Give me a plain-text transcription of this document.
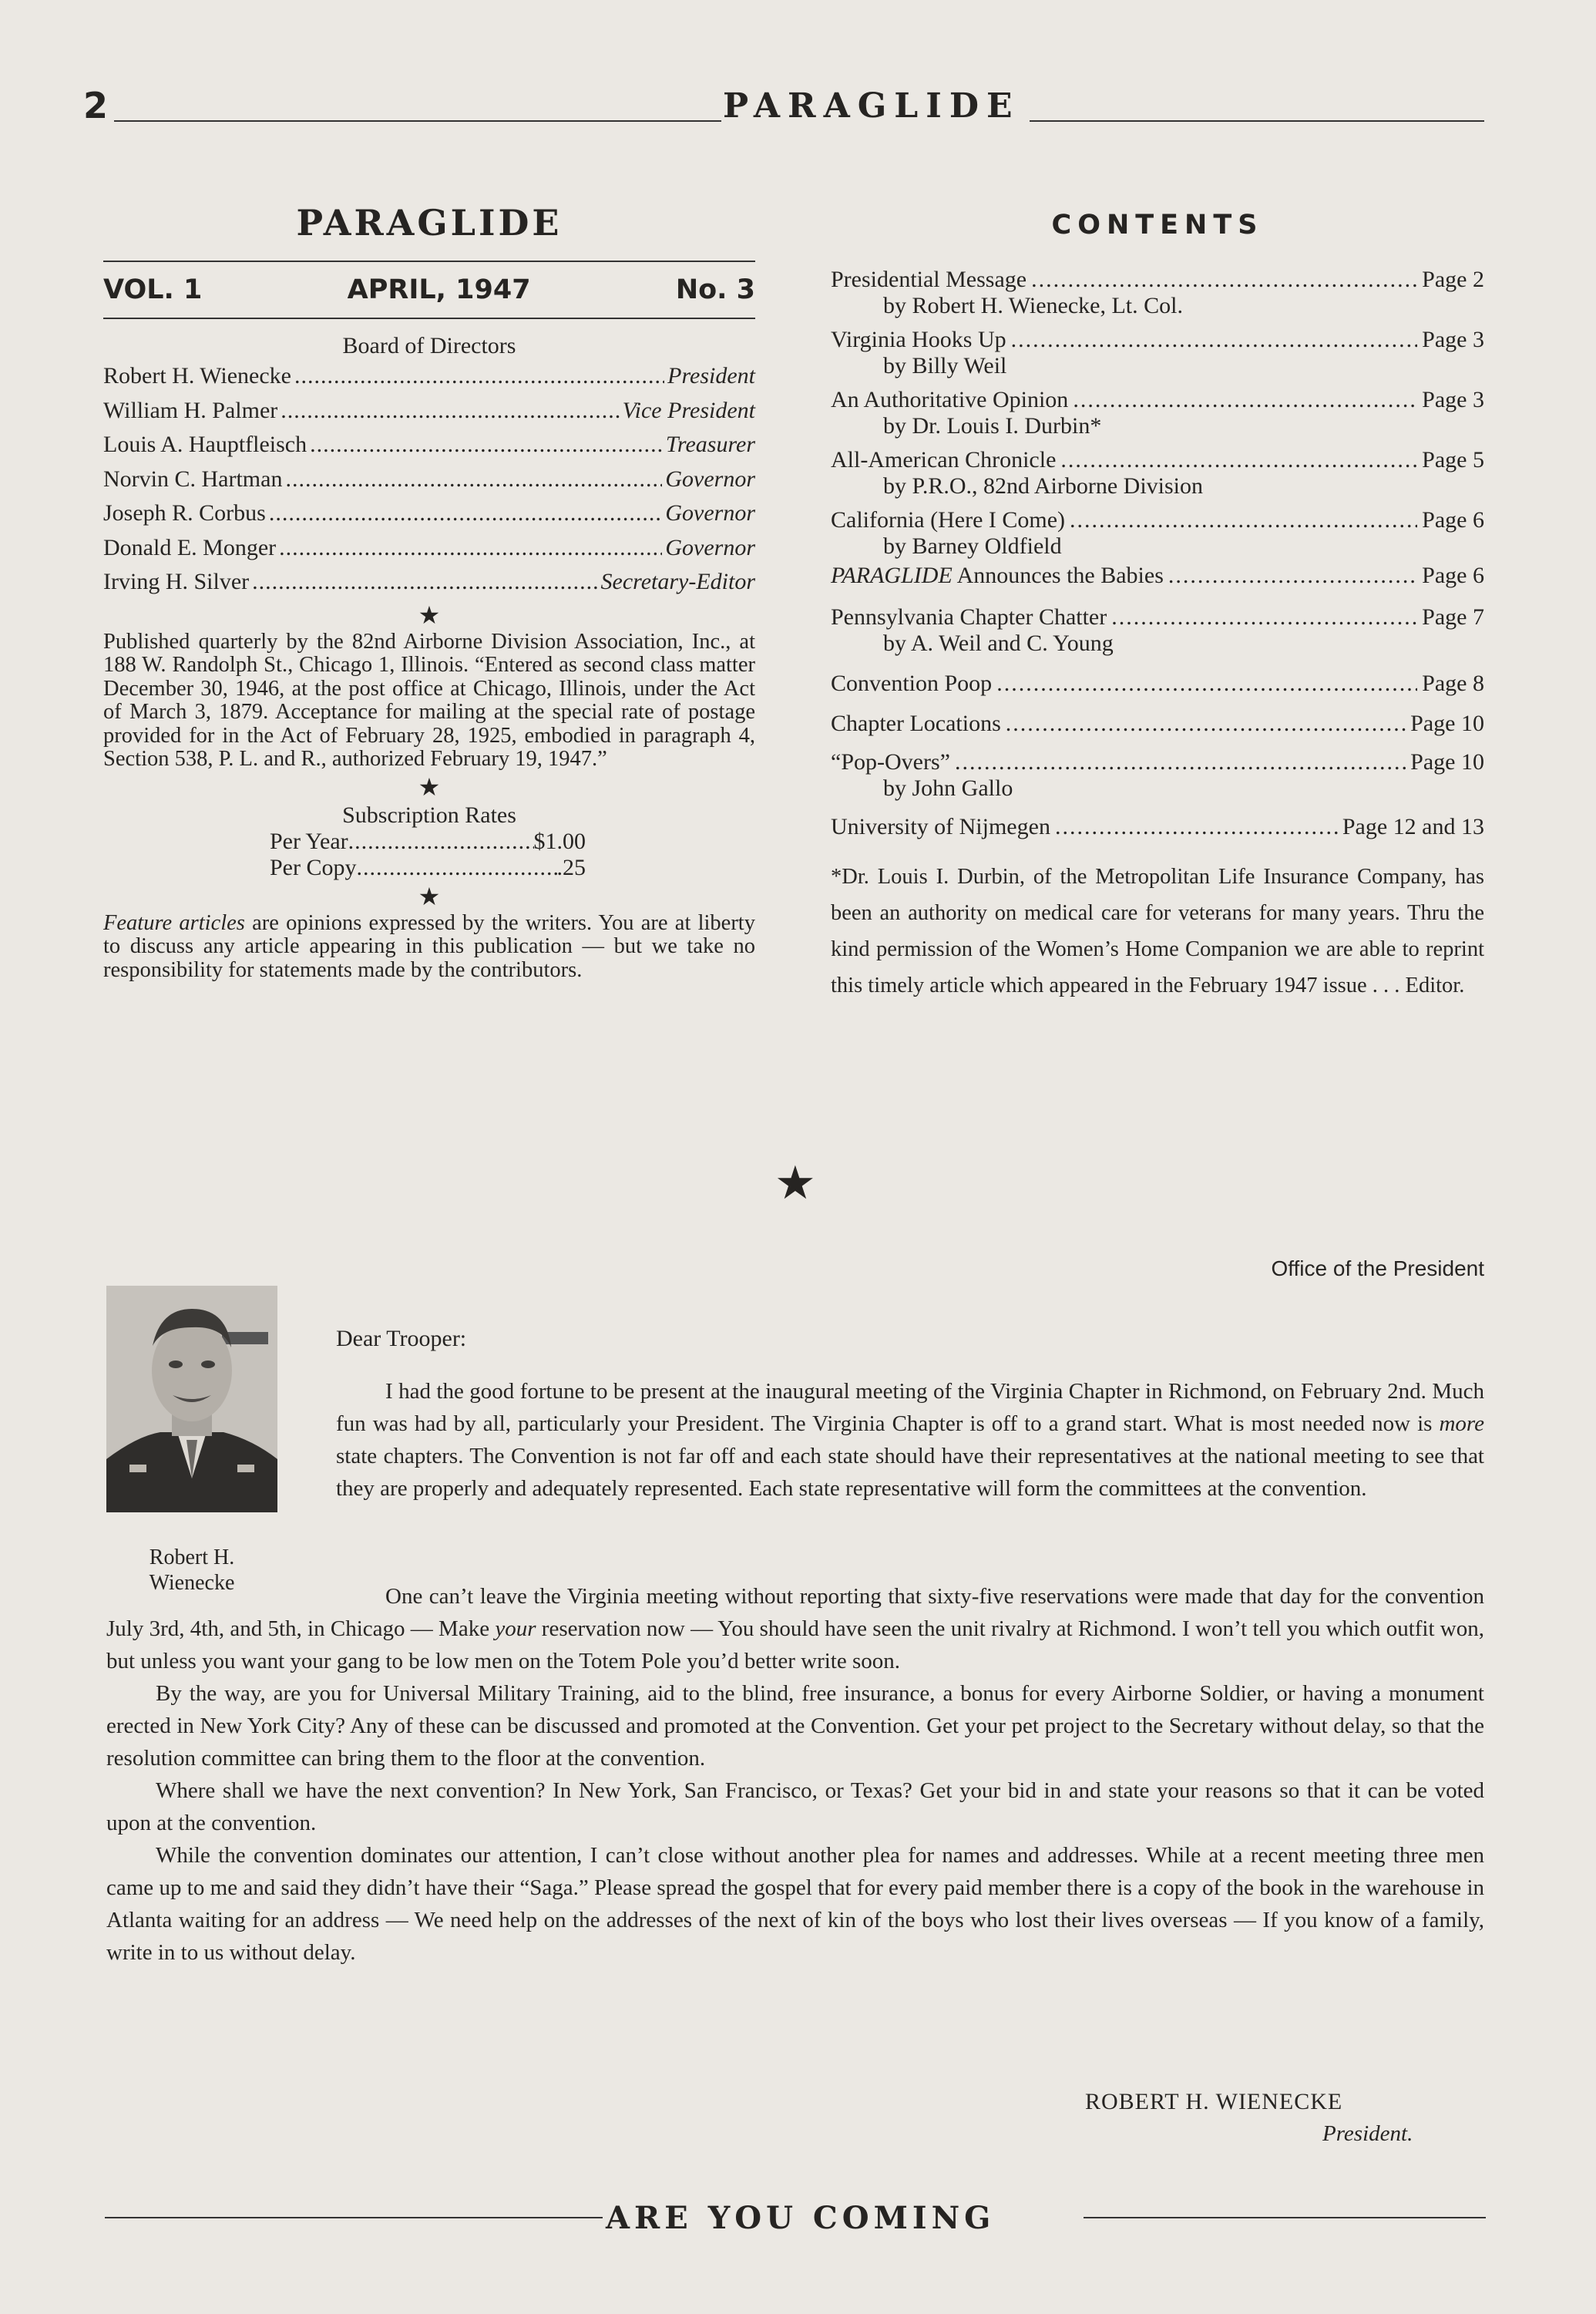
2	PARAGLIDE
PARAGLIDE
VOL. 1	APRIL, 1947	No. 3
Board of Directors
Robert H. Wienecke .....	President
William H. Palmer .....	Vice President
Louis A. Hauptfleisch .....	Treasurer
Norvin C. Hartman .....	Governor
Joseph R. Corbus .....	Governor
Donald E. Monger .....	Governor
Irving H. Silver .....	Secretary-Editor
★
Published quarterly by the 82nd Airborne Division Association, Inc., at 188 W. Randolph St., Chicago 1, Illinois. “Entered as second class matter December 30, 1946, at the post office at Chicago, Illinois, under the Act of March 3, 1879. Acceptance for mailing at the special rate of postage provided for in the Act of February 28, 1925, embodied in paragraph 4, Section 538, P. L. and R., authorized February 19, 1947.”
★
Subscription Rates
Per Year .....	$1.00
Per Copy .....	.25
★
Feature articles are opinions expressed by the writers. You are at liberty to discuss any article appearing in this publication — but we take no responsibility for statements made by the contributors.
CONTENTS
Presidential Message .....	Page 2
by Robert H. Wienecke, Lt. Col.
Virginia Hooks Up .....	Page 3
by Billy Weil
An Authoritative Opinion .....	Page 3
by Dr. Louis I. Durbin*
All-American Chronicle .....	Page 5
by P.R.O., 82nd Airborne Division
California (Here I Come) .....	Page 6
by Barney Oldfield
PARAGLIDE Announces the Babies .....	Page 6
Pennsylvania Chapter Chatter .....	Page 7
by A. Weil and C. Young
Convention Poop .....	Page 8
Chapter Locations .....	Page 10
“Pop-Overs” .....	Page 10
by John Gallo
University of Nijmegen .....	Page 12 and 13
*Dr. Louis I. Durbin, of the Metropolitan Life Insurance Company, has been an authority on medical care for veterans for many years. Thru the kind permission of the Women’s Home Companion we are able to reprint this timely article which appeared in the February 1947 issue . . . Editor.
★
Office of the President
Robert H.
Wienecke
Dear Trooper:

I had the good fortune to be present at the inaugural meeting of the Virginia Chapter in Richmond, on February 2nd. Much fun was had by all, particularly your President. The Virginia Chapter is off to a grand start. What is most needed now is more state chapters. The Convention is not far off and each state should have their representatives at the national meeting to see that they are properly and adequately represented. Each state representative will form the committees at the convention.

One can’t leave the Virginia meeting without reporting that sixty-five reservations were made that day for the convention July 3rd, 4th, and 5th, in Chicago — Make your reservation now — You should have seen the unit rivalry at Richmond. I won’t tell you which outfit won, but unless you want your gang to be low men on the Totem Pole you’d better write soon.

By the way, are you for Universal Military Training, aid to the blind, free insurance, a bonus for every Airborne Soldier, or having a monument erected in New York City? Any of these can be discussed and promoted at the Convention. Get your pet project to the Secretary without delay, so that the resolution committee can bring them to the floor at the convention.

Where shall we have the next convention? In New York, San Francisco, or Texas? Get your bid in and state your reasons so that it can be voted upon at the convention.

While the convention dominates our attention, I can’t close without another plea for names and addresses. While at a recent meeting three men came up to me and said they didn’t have their “Saga.” Please spread the gospel that for every paid member there is a copy of the book in the warehouse in Atlanta waiting for an address — We need help on the addresses of the next of kin of the boys who lost their lives overseas — If you know of a family, write in to us without delay.

ROBERT H. WIENECKE
President.
ARE YOU COMING
